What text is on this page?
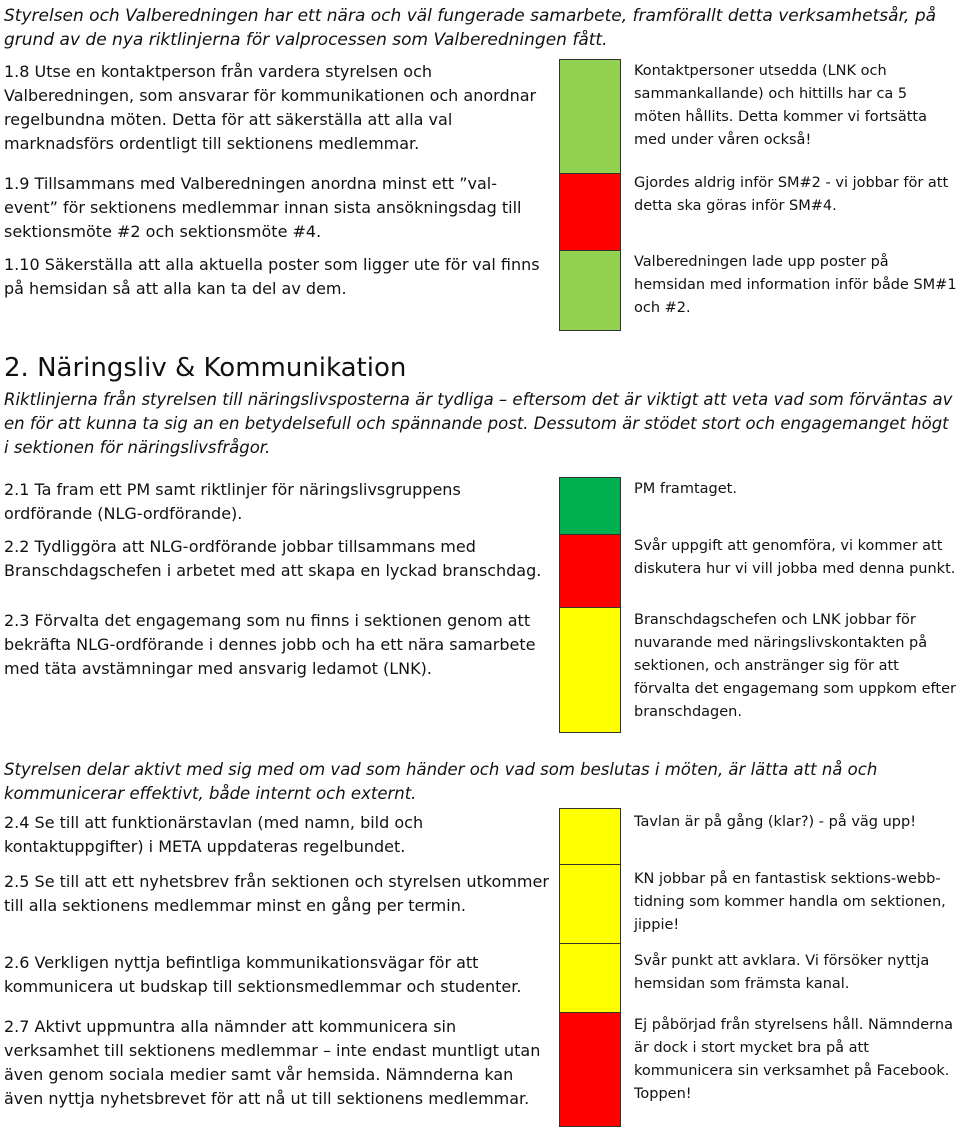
Styrelsen och Valberedningen har ett nära och väl fungerade samarbete, framförallt detta verksamhetsår, på grund av de nya riktlinjerna för valprocessen som Valberedningen fått.
1.8 Utse en kontaktperson från vardera styrelsen och Valberedningen, som ansvarar för kommunikationen och anordnar regelbundna möten. Detta för att säkerställa att alla val marknadsförs ordentligt till sektionens medlemmar.
1.9 Tillsammans med Valberedningen anordna minst ett ”val-event” för sektionens medlemmar innan sista ansökningsdag till sektionsmöte #2 och sektionsmöte #4.
1.10 Säkerställa att alla aktuella poster som ligger ute för val finns på hemsidan så att alla kan ta del av dem.
Kontaktpersoner utsedda (LNK och sammankallande) och hittills har ca 5 möten hållits. Detta kommer vi fortsätta med under våren också!
Gjordes aldrig inför SM#2 - vi jobbar för att detta ska göras inför SM#4.
Valberedningen lade upp poster på hemsidan med information inför både SM#1 och #2.
2. Näringsliv & Kommunikation
Riktlinjerna från styrelsen till näringslivsposterna är tydliga – eftersom det är viktigt att veta vad som förväntas av en för att kunna ta sig an en betydelsefull och spännande post. Dessutom är stödet stort och engagemanget högt i sektionen för näringslivsfrågor.
2.1 Ta fram ett PM samt riktlinjer för näringslivsgruppens ordförande (NLG-ordförande).
2.2 Tydliggöra att NLG-ordförande jobbar tillsammans med Branschdagschefen i arbetet med att skapa en lyckad branschdag.
2.3 Förvalta det engagemang som nu finns i sektionen genom att bekräfta NLG-ordförande i dennes jobb och ha ett nära samarbete med täta avstämningar med ansvarig ledamot (LNK).
PM framtaget.
Svår uppgift att genomföra, vi kommer att diskutera hur vi vill jobba med denna punkt.
Branschdagschefen och LNK jobbar för nuvarande med näringslivskontakten på sektionen, och anstränger sig för att förvalta det engagemang som uppkom efter branschdagen.
Styrelsen delar aktivt med sig med om vad som händer och vad som beslutas i möten, är lätta att nå och kommunicerar effektivt, både internt och externt.
2.4 Se till att funktionärstavlan (med namn, bild och kontaktuppgifter) i META uppdateras regelbundet.
2.5 Se till att ett nyhetsbrev från sektionen och styrelsen utkommer till alla sektionens medlemmar minst en gång per termin.
2.6 Verkligen nyttja befintliga kommunikationsvägar för att kommunicera ut budskap till sektionsmedlemmar och studenter.
2.7 Aktivt uppmuntra alla nämnder att kommunicera sin verksamhet till sektionens medlemmar – inte endast muntligt utan även genom sociala medier samt vår hemsida. Nämnderna kan även nyttja nyhetsbrevet för att nå ut till sektionens medlemmar.
Tavlan är på gång (klar?) - på väg upp!
KN jobbar på en fantastisk sektions-webb-tidning som kommer handla om sektionen, jippie!
Svår punkt att avklara. Vi försöker nyttja hemsidan som främsta kanal.
Ej påbörjad från styrelsens håll. Nämnderna är dock i stort mycket bra på att kommunicera sin verksamhet på Facebook. Toppen!
